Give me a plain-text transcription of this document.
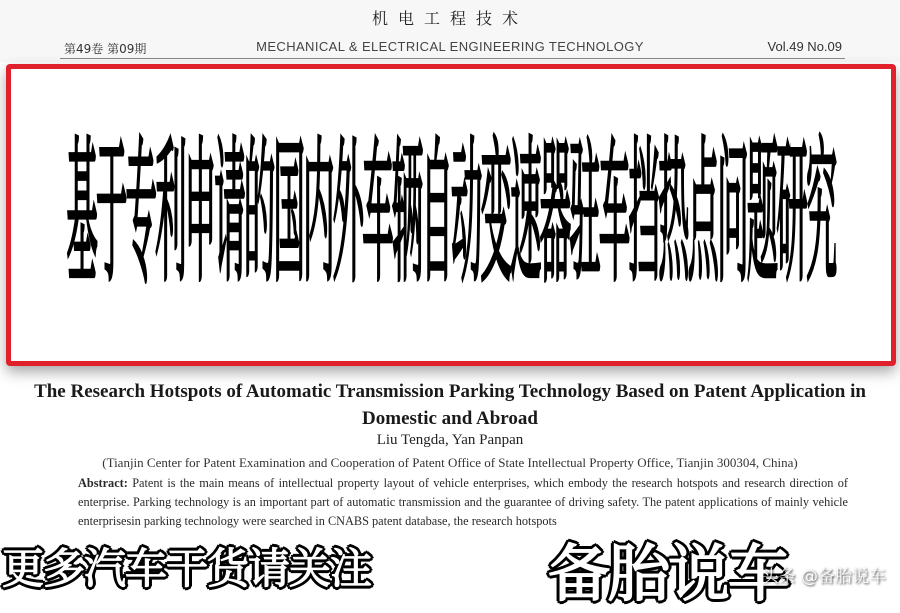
机电工程技术
第49卷 第09期	MECHANICAL & ELECTRICAL ENGINEERING TECHNOLOGY	Vol.49 No.09
基于专利申请的国内外车辆自动变速器驻车挡热点问题研究
The Research Hotspots of Automatic Transmission Parking Technology Based on Patent Application in Domestic and Abroad
Liu Tengda, Yan Panpan
(Tianjin Center for Patent Examination and Cooperation of Patent Office of State Intellectual Property Office, Tianjin 300304, China)
Abstract: Patent is the main means of intellectual property layout of vehicle enterprises, which embody the research hotspots and research direction of enterprise. Parking technology is an important part of automatic transmission and the guarantee of driving safety. The patent applications of mainly vehicle enterprisesin parking technology were searched in CNABS patent database, the research hotspots
更多汽车干货请关注	备胎说车
头条 @备胎说车
